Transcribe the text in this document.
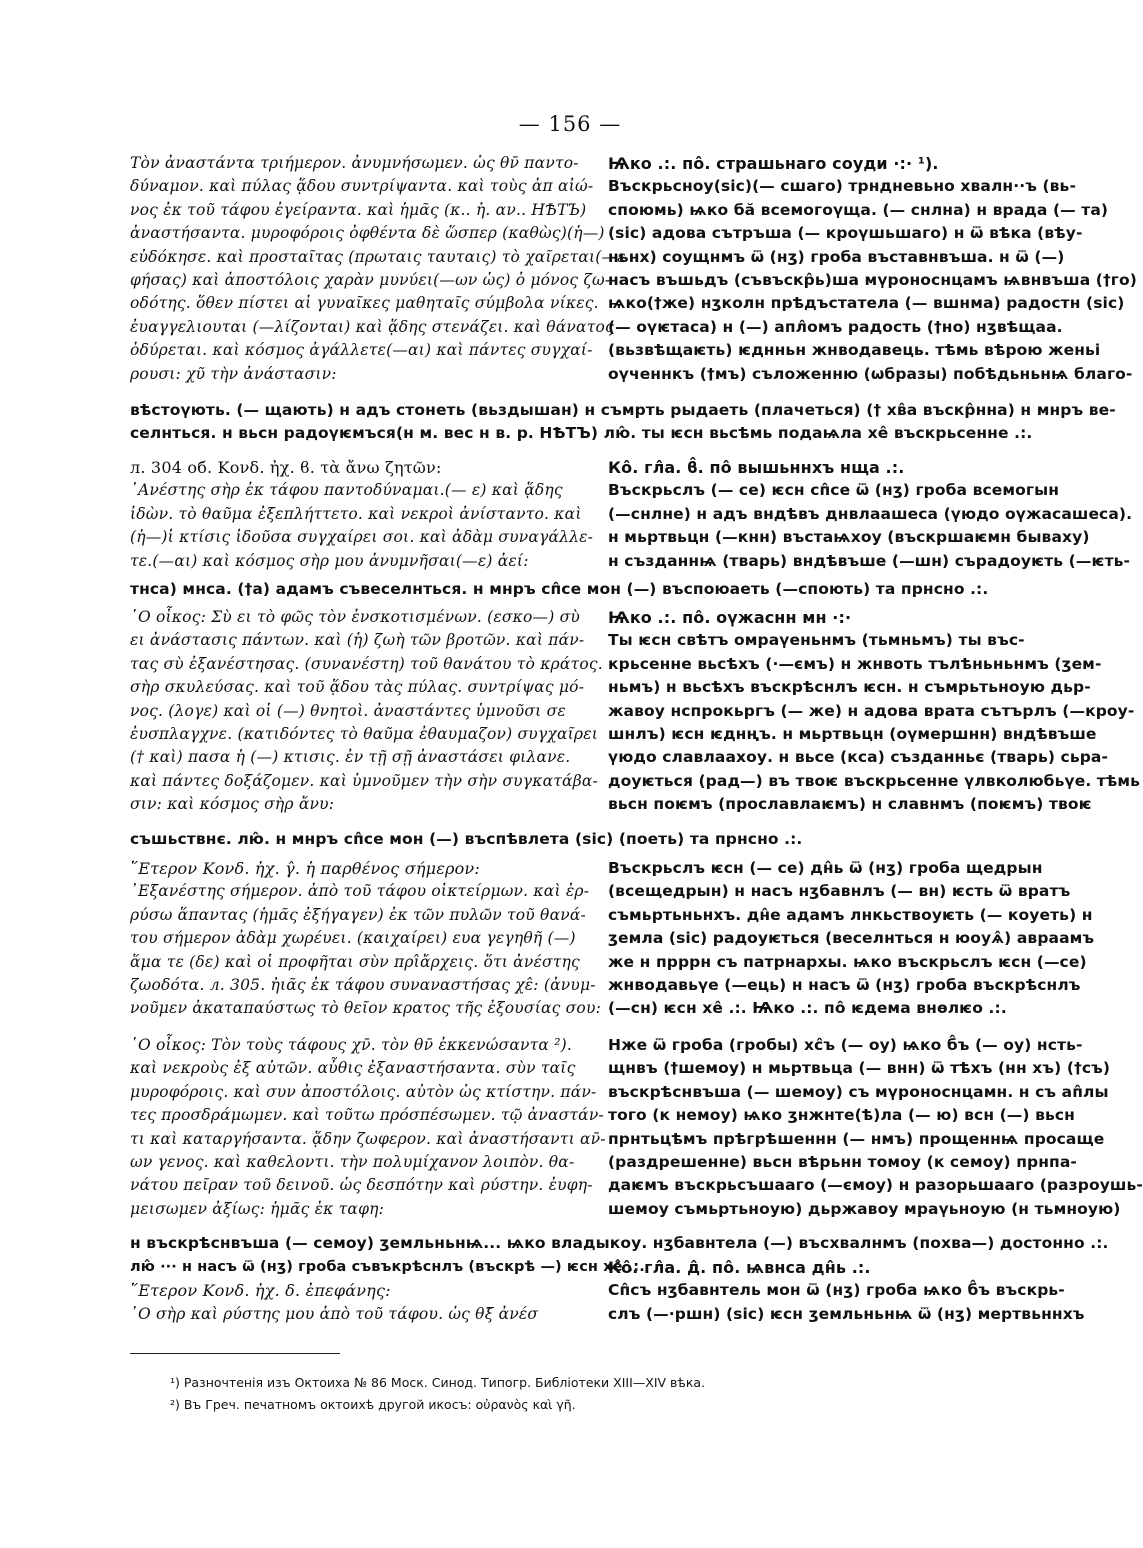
— 156 —
Τὸν ἀναστάντα τριήμερον. ἀνυμνήσωμεν. ὡς θν̄ παντο-
δύναμον. καὶ πύλας ᾅδου συντρίψαντα. καὶ τοὺς ἀπ αἰώ-
νος ἐκ τοῦ τάφου ἐγείραντα. καὶ ἡμᾶς (κ.. ἡ. αν.. НѢТЪ)
ἀναστήσαντα. μυροφόροις ὀφθέντα δὲ ὥσπερ (καθὼς)(ἡ—)
εὐδόκησε. καὶ προσταῖτας (πρωταις ταυταις) τὸ χαῖρεται(—ε
φήσας) καὶ ἀποστόλοις χαρὰν μυνύει(—ων ὡς) ὁ μόνος ζω-
οδότης. ὅθεν πίστει αἱ γυναῖκες μαθηταῖς σύμβολα νίκες.
ἐυαγγελιουται (—λίζονται) καὶ ᾅδης στενάζει. καὶ θάνατος
ὀδύρεται. καὶ κόσμος ἀγάλλετε(—αι) καὶ πάντες συγχαί-
ρουσι: χῦ τὴν ἀνάστασιν:
Ѩко .:. по̂. страшьнаго соуди ·:· ¹).
Въскрьсноу(sic)(— сшаго) трндневьно хвалн··ъ (вь-
споюмь) ѩко бӑ всемогоүща. (— снлна) н врада (— та)
(sic) адова сътръша (— кроүшьшаго) н ѿ вѣка (вѣу-
ньнх) соущнмъ ѿ (нӡ) гроба въставнвъша. н ѿ (—)
насъ въшьдъ (съвъскр̂ь)ша мүроноснцамъ ѩвнвъша (†го)
ѩко(†же) нӡколн прѣдъстатела (— вшнма) радостн (sic)
(— оүѥтаса) н (—) апл̂омъ радость (†но) нӡвѣщаа.
(вьзвѣщаѥть) ѥднньн жнводавець. тѣмь вѣрою женьі
оүченнкъ (†мъ) съложенню (ѡбразы) побѣдьньнѩ благо-
вѣстоүють. (— щають) н адъ стонеть (вьздышан) н съмрть рыдаеть (плачеться) († хв̂а въскр̂нна) н мнръ ве-
селнться. н вьсн радоүѥмъся(н м. вес н в. р. НѢТЪ) лю̂. ты ѥсн вьсѣмь подаѩла хе̂ въскрьсенне .:.
л. 304 об. Κονδ. ἠχ. ϐ. τὰ ἄνω ζητῶν:
᾿Ανέστης σὴρ ἐκ τάφου παντοδύναμαι.(— ε) καὶ ᾅδης
ἰδὼν. τὸ θαῦμα ἐξεπλήττετο. καὶ νεκροὶ ἀνίσταντο. καὶ
(ἡ—)ἱ κτίσις ἰδοῦσα συγχαίρει σοι. καὶ ἀδὰμ συναγάλλε-
τε.(—αι) καὶ κόσμος σὴρ μου ἀνυμνῆσαι(—ε) ἀεί:
Ко̂. гл̂а. ϐ̂. по̂ вышьннхъ нща .:.
Въскрьслъ (— се) ѥсн сп̂се ѿ (нӡ) гроба всемогын
(—снлне) н адъ вндѣвъ днвлаашеса (үюдо оүжасашеса).
н мьртвьцн (—кнн) въстаѩхоу (въскршаѥмн бываху)
н създаннѩ (тварь) вндѣвъше (—шн) сърадоуѥть (—ѥть-
тнса) мнса. (†а) адамъ съвеселнться. н мнръ сп̂се мон (—) въспоюаеть (—споють) та прнсно .:.
῾Ο οἶκος: Σὺ ει τὸ φῶς τὸν ἐνσκοτισμένων. (εσκο—) σὺ
ει ἀνάστασις πάντων. καὶ (ἡ) ζωὴ τῶν βροτῶν. καὶ πάν-
τας σὺ ἐξανέστησας. (συνανέστη) τοῦ θανάτου τὸ κράτος.
σὴρ σκυλεύσας. καὶ τοῦ ᾅδου τὰς πύλας. συντρίψας μό-
νος. (λογε) καὶ οἱ (—) θνητοὶ. ἀναστάντες ὑμνοῦσι σε
ἐυσπλαγχνε. (κατιδόντες τὸ θαῦμα ἐθαυμαζον) συγχαῖρει
(† καὶ) πασα ἡ (—) κτισις. ἐν τῇ σῇ ἀναστάσει φιλανε.
καὶ πάντες δοξάζομεν. καὶ ὑμνοῦμεν τὴν σὴν συγκατάβα-
σιν: καὶ κόσμος σὴρ ἄνυ:
Ѩко .:. по̂. оүжаснн мн ·:·
Ты ѥсн свѣтъ омраүеньнмъ (тьмньмъ) ты въс-
крьсенне вьсѣхъ (·—ємъ) н жнвоть тълѣньньнмъ (ӡем-
ньмъ) н вьсѣхъ въскрѣснлъ ѥсн. н съмрьтьноую дьр-
жавоу нспрокьргъ (— же) н адова врата сътърлъ (—кроу-
шнлъ) ѥсн ѥднңъ. н мьртвьцн (оүмершнн) вндѣвъше
үюдо славлаахоу. н вьсе (кса) създанньє (тварь) сьра-
доуѥться (рад—) въ твоѥ въскрьсенне үлвколюбьүе. тѣмь
вьсн поѥмъ (прославлаѥмъ) н славнмъ (поѥмъ) твоѥ
съшьствнє. лю̂. н мнръ сп̂се мон (—) въспѣвлета (sic) (поеть) та прнсно .:.
῞Ετερον Κονδ. ἠχ. γ̂. ἡ παρθένος σήμερον:
᾿Εξανέστης σήμερον. ἀπὸ τοῦ τάφου οἰκτείρμων. καὶ ἐρ-
ρύσω ἅπαντας (ἡμᾶς ἐξήγαγεν) ἐκ τῶν πυλῶν τοῦ θανά-
του σήμερον ἀδὰμ χωρέυει. (καιχαίρει) ευα γεγηθῆ (—)
ἅμα τε (δε) καὶ οἱ προφῆται σὺν πρι̂ἄρχεις. ὅτι ἀνέστης
ζωοδότα. л. 305. ἠιᾶς ἐκ τάφου συναναστήσας χε̂: (ἀνυμ-
νοῦμεν ἀκαταπαύστως τὸ θεῖον κρατος τῆς ἐξουσίας σου:
Въскрьслъ ѥсн (— се) дн̂ь ѿ (нӡ) гроба щедрын
(всещедрын) н насъ нӡбавнлъ (— вн) ѥсть ѿ вратъ
съмьртьньнхъ. дн̂е адамъ лнкьствоуѥть (— коуеть) н
ӡемла (sic) радоуѥться (веселнться н юоуѧ̂) авраамъ
же н прррн съ патрнархы. ѩко въскрьслъ ѥсн (—се)
жнводавьүе (—ець) н насъ ѿ (нӡ) гроба въскрѣснлъ
(—сн) ѥсн хе̂ .:. Ѩко .:. по̂ ѥдема внѳлѥо .:.
῾Ο οἶκος: Τὸν τοὺς τάφους χν̄. τὸν θν̄ ἐκκενώσαντα ²).
καὶ νεκροὺς ἐξ αὐτῶν. αὖθις ἐξαναστήσαντα. σὺν ταῖς
μυροφόροις. καὶ συν ἀποστόλοις. αὐτὸν ὡς κτίστην. πάν-
τες προσδράμωμεν. καὶ τοῦτω πρόσπέσωμεν. τῷ ἀναστάν-
τι καὶ καταργήσαντα. ᾅδην ζωφερον. καὶ ἀναστήσαντι αν̄-
ων γενος. καὶ καθελοντι. τὴν πολυμίχανον λοιπὸν. θα-
νάτου πεῖραν τοῦ δεινοῦ. ὡς δεσπότην καὶ ρύστην. ἐυφη-
μεισωμεν ἀξίως: ἡμᾶς ἐκ ταφη:
Нже ѿ гроба (гробы) хс̂ъ (— оу) ѩко б̂ъ (— оу) нсть-
щнвъ (†шемоу) н мьртвьца (— внн) ѿ тѣхъ (нн хъ) (†съ)
въскрѣснвъша (— шемоу) съ мүроноснцамн. н съ ап̂лы
того (к немоу) ѩко ӡнжнте(ѣ)ла (— ю) всн (—) вьсн
прнтьцѣмъ прѣгрѣшеннн (— нмъ) прощеннѩ просаще
(раздрешенне) вьсн вѣрьнн томоу (к семоу) прнпа-
даѥмъ въскрьсъшаагo (—ємоу) н разорьшаагo (разроушь-
шемоу съмьртьноую) дьржавоу мраүьноую (н тьмноую)
н въскрѣснвъша (— семоу) ӡемльньнѩ... ѩко владыкоу. нӡбавнтела (—) въсхвалнмъ (похва—) достонно .:.
лю̂ ··· н насъ ѿ (нӡ) гроба съвъкрѣснлъ (въскрѣ —) ѥсн хе̂ .:.
῞Ετερον Κονδ. ἠχ. δ. ἐπεφάνης:
῾Ο σὴρ καὶ ρύστης μου ἀπὸ τοῦ τάφου. ὡς θξ̄ ἀνέσ
Ко̂. гл̂а. д̂. по̂. ѩвнса дн̂ь .:.
Сп̂съ нӡбавнтель мон ѿ (нӡ) гроба ѩко б̂ъ въскрь-
слъ (—·ршн) (sic) ѥсн ӡемльньнѩ ѿ (нӡ) мертвьннхъ
¹) Разночтенія изъ Октоиха № 86 Моск. Синод. Типогр. Библіотеки XIII—XIV вѣка.
²) Въ Греч. печатномъ октоихѣ другой икосъ: οὐρανὸς καὶ γῆ.
